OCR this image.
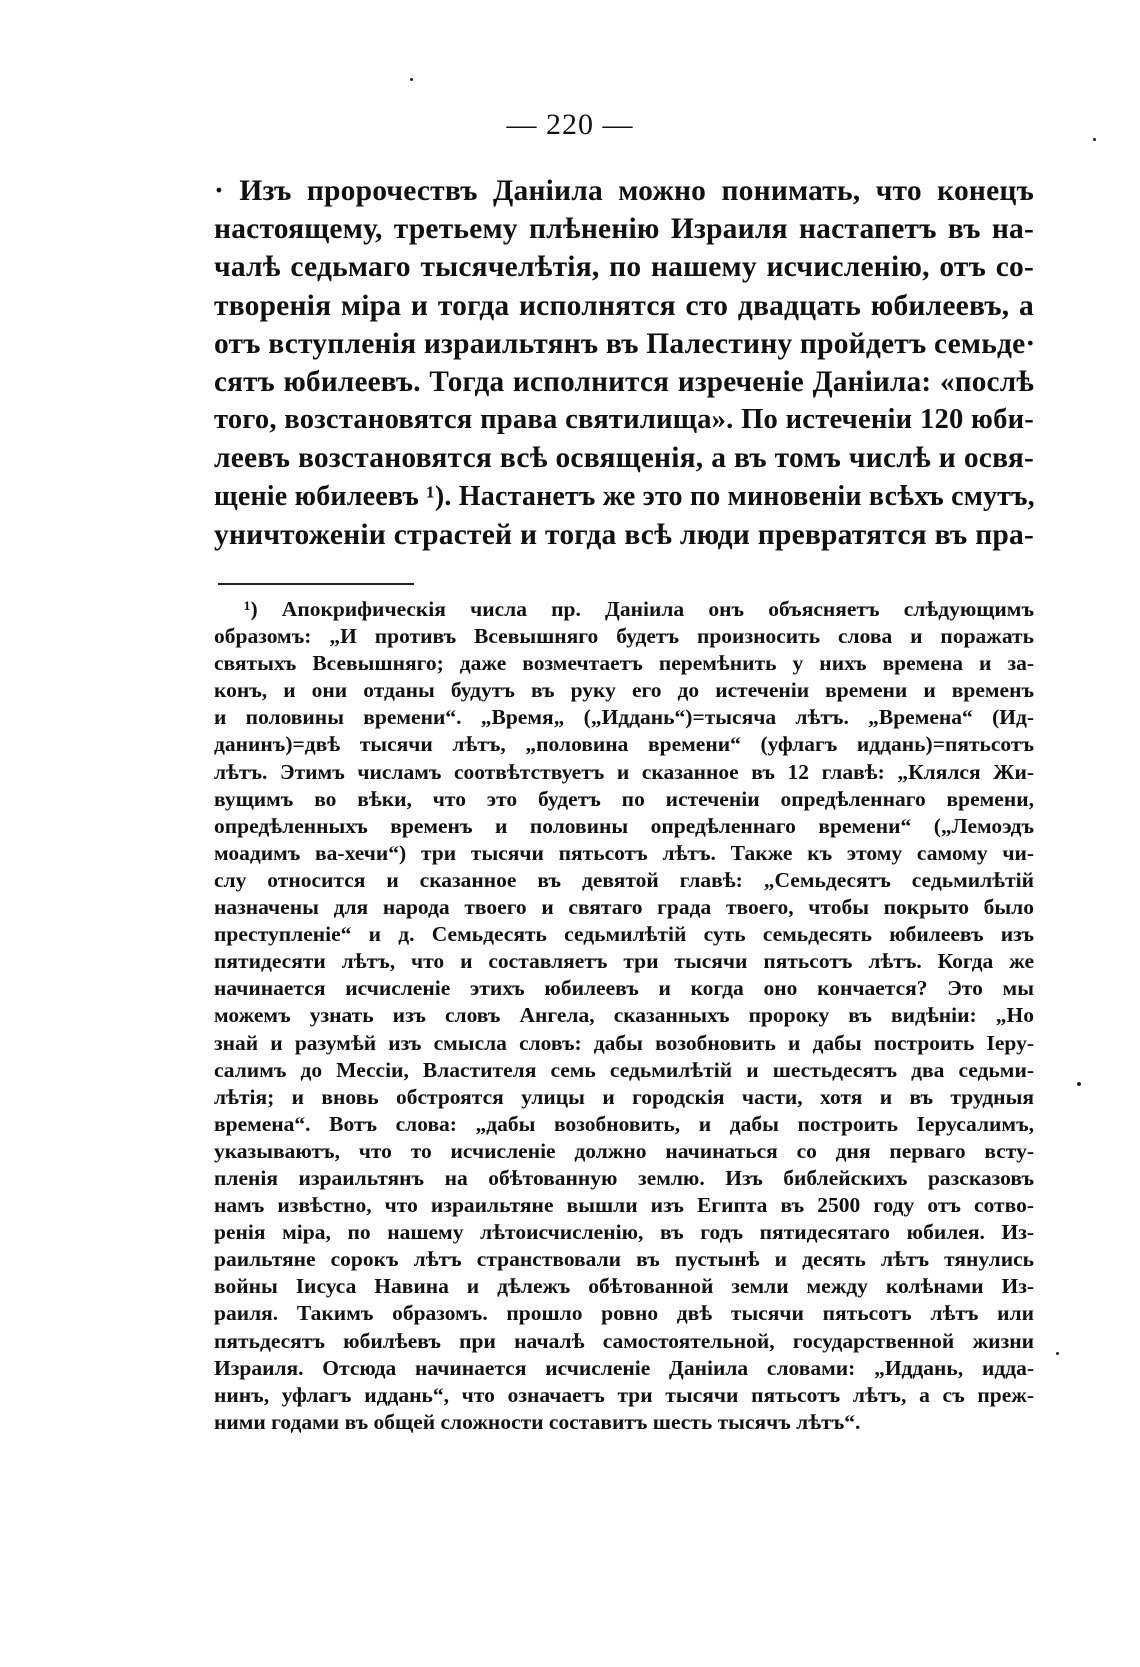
— 220 —
· Изъ пророчествъ Данiила можно понимать, что конецъ
настоящему, третьему плѣненiю Израиля настапетъ въ на-
чалѣ седьмаго тысячелѣтiя, по нашему исчисленiю, отъ со-
творенiя мiра и тогда исполнятся сто двадцать юбилеевъ, а
отъ вступленiя израильтянъ въ Палестину пройдетъ семьде·
сятъ юбилеевъ. Тогда исполнится изреченiе Данiила: «послѣ
того, возстановятся права святилища». По истеченiи 120 юби-
леевъ возстановятся всѣ освященiя, а въ томъ числѣ и освя-
щенiе юбилеевъ ¹). Настанетъ же это по миновенiи всѣхъ смутъ,
уничтоженiи страстей и тогда всѣ люди превратятся въ пра-
¹) Апокрифическiя числа пр. Данiила онъ объясняетъ слѣдующимъ
образомъ: „И противъ Всевышняго будетъ произносить слова и поражать
святыхъ Всевышняго; даже возмечтаетъ перемѣнить у нихъ времена и за-
конъ, и они отданы будутъ въ руку его до истеченiи времени и временъ
и половины времени“. „Время„ („Иддань“)=тысяча лѣтъ. „Времена“ (Ид-
данинъ)=двѣ тысячи лѣтъ, „половина времени“ (уфлагъ иддань)=пятьсотъ
лѣтъ. Этимъ числамъ соотвѣтствуетъ и сказанное въ 12 главѣ: „Клялся Жи-
вущимъ во вѣки, что это будетъ по истеченiи опредѣленнаго времени,
опредѣленныхъ временъ и половины опредѣленнаго времени“ („Лемоэдъ
моадимъ ва-хечи“) три тысячи пятьсотъ лѣтъ. Также къ этому самому чи-
слу относится и сказанное въ девятой главѣ: „Семьдесятъ седьмилѣтiй
назначены для народа твоего и святаго града твоего, чтобы покрыто было
преступленiе“ и д. Семьдесять седьмилѣтiй суть семьдесять юбилеевъ изъ
пятидесяти лѣтъ, что и составляетъ три тысячи пятьсотъ лѣтъ. Когда же
начинается исчисленiе этихъ юбилеевъ и когда оно кончается? Это мы
можемъ узнать изъ словъ Ангела, сказанныхъ пророку въ видѣнiи: „Но
знай и разумѣй изъ смысла словъ: дабы возобновить и дабы построить Iеру-
салимъ до Мессiи, Властителя семь седьмилѣтiй и шестьдесятъ два седьми-
лѣтiя; и вновь обстроятся улицы и городскiя части, хотя и въ трудныя
времена“. Вотъ слова: „дабы возобновить, и дабы построить Iерусалимъ,
указываютъ, что то исчисленiе должно начинаться со дня перваго всту-
пленiя израильтянъ на обѣтованную землю. Изъ библейскихъ разсказовъ
намъ извѣстно, что израильтяне вышли изъ Египта въ 2500 году отъ сотво-
ренiя мiра, по нашему лѣтоисчисленiю, въ годъ пятидесятаго юбилея. Из-
раильтяне сорокъ лѣтъ странствовали въ пустынѣ и десять лѣтъ тянулись
войны Iисуса Навина и дѣлежъ обѣтованной земли между колѣнами Из-
раиля. Такимъ образомъ. прошло ровно двѣ тысячи пятьсотъ лѣтъ или
пятьдесятъ юбилѣевъ при началѣ самостоятельной, государственной жизни
Израиля. Отсюда начинается исчисленiе Данiила словами: „Иддань, иддa-
нинъ, уфлагъ иддань“, что означаетъ три тысячи пятьсотъ лѣтъ, а съ преж-
ними годами въ общей сложности составитъ шесть тысячъ лѣтъ“.
